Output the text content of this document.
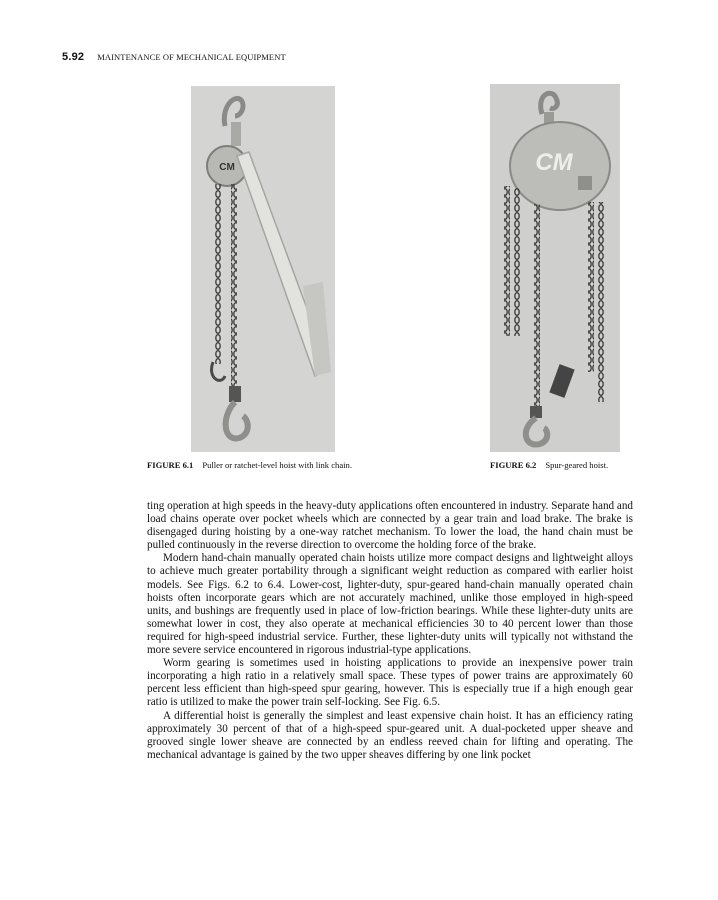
5.92 MAINTENANCE OF MECHANICAL EQUIPMENT
CM	CM
FIGURE 6.1 Puller or ratchet-level hoist with link chain.	FIGURE 6.2 Spur-geared hoist.

ting operation at high speeds in the heavy-duty applications often encountered in industry. Separate hand and load chains operate over pocket wheels which are connected by a gear train and load brake. The brake is disengaged during hoisting by a one-way ratchet mechanism. To lower the load, the hand chain must be pulled continuously in the reverse direction to overcome the holding force of the brake.

Modern hand-chain manually operated chain hoists utilize more compact designs and lightweight alloys to achieve much greater portability through a significant weight reduction as compared with earlier hoist models. See Figs. 6.2 to 6.4. Lower-cost, lighter-duty, spur-geared hand-chain manually operated chain hoists often incorporate gears which are not accurately machined, unlike those employed in high-speed units, and bushings are frequently used in place of low-friction bearings. While these lighter-duty units are somewhat lower in cost, they also operate at mechanical efficiencies 30 to 40 percent lower than those required for high-speed industrial service. Further, these lighter-duty units will typically not withstand the more severe service encountered in rigorous industrial-type applications.

Worm gearing is sometimes used in hoisting applications to provide an inexpensive power train incorporating a high ratio in a relatively small space. These types of power trains are approximately 60 percent less efficient than high-speed spur gearing, however. This is especially true if a high enough gear ratio is utilized to make the power train self-locking. See Fig. 6.5.

A differential hoist is generally the simplest and least expensive chain hoist. It has an efficiency rating approximately 30 percent of that of a high-speed spur-geared unit. A dual-pocketed upper sheave and grooved single lower sheave are connected by an endless reeved chain for lifting and operating. The mechanical advantage is gained by the two upper sheaves differing by one link pocket
